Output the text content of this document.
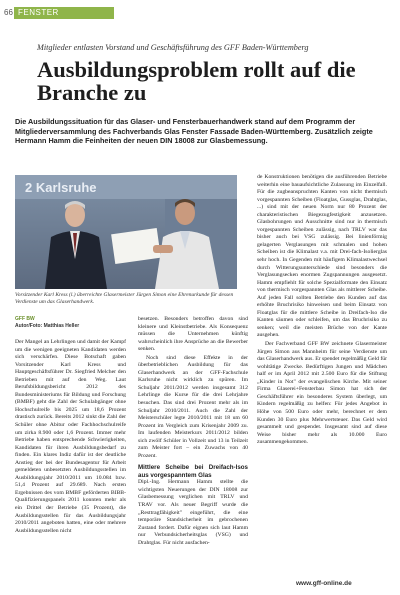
66 FENSTER
Mitglieder entlasten Vorstand und Geschäftsführung des GFF Baden-Württemberg
Ausbildungsproblem rollt auf die Branche zu
Die Ausbildungssituation für das Glaser- und Fensterbauerhandwerk stand auf dem Programm der Mitgliederversammlung des Fachverbands Glas Fenster Fassade Baden-Württemberg. Zusätzlich zeigte Hermann Hamm die Feinheiten der neuen DIN 18008 zur Glasbemessung.
2 Karlsruhe
Vorsitzender Karl Kress (l.) überreichte Glasermeister Jürgen Simon eine Ehrenurkunde für dessen Verdienste um das Glaserhandwerk.
GFF BW
Autor/Foto: Matthias Heller

Der Mangel an Lehrlingen und damit der Kampf um die wenigen geeigneten Kandidaten werden sich verschärfen. Diese Botschaft gaben Vorsitzender Karl Kress und Hauptgeschäftsführer Dr. Siegfried Melcher den Betrieben mit auf den Weg. Laut Berufsbildungsbericht 2012 des Bundesministeriums für Bildung und Forschung (BMBF) geht die Zahl der Schulabgänger ohne Hochschulreife bis 2025 um 18,6 Prozent drastisch zurück. Bereits 2012 sinkt die Zahl der Schüler ohne Abitur oder Fachhochschulreife um zirka 8.900 oder 1,6 Prozent. Immer mehr Betriebe haben entsprechende Schwierigkeiten, Kandidaten für ihren Ausbildungsbedarf zu finden. Ein klares Indiz dafür ist der deutliche Anstieg der bei der Bundesagentur für Arbeit gemeldeten unbesetzten Ausbildungsstellen im Ausbildungsjahr 2010/2011 um 10.084 bzw. 51,4 Prozent auf 29.689. Nach ersten Ergebnissen des vom BMBF geförderten BIBB-Qualifizierungspanels 2011 konnten mehr als ein Drittel der Betriebe (35 Prozent), die Ausbildungsstellen für das Ausbildungsjahr 2010/2011 angeboten hatten, eine oder mehrere Ausbildungsstellen nicht

besetzen. Besonders betroffen davon sind kleinere und Kleinstbetriebe. Als Konsequenz müssen die Unternehmen künftig wahrscheinlich ihre Ansprüche an die Bewerber senken.

Noch sind diese Effekte in der überbetrieblichen Ausbildung für das Glaserhandwerk an der GFF-Fachschule Karlsruhe nicht wirklich zu spüren. Im Schuljahr 2011/2012 werden insgesamt 312 Lehrlinge die Kurse für die drei Lehrjahre besuchen. Das sind drei Prozent mehr als im Schuljahr 2010/2011. Auch die Zahl der Meisterschüler legte 2010/2011 mit 18 um 60 Prozent im Vergleich zum Krisenjahr 2009 zu. Im laufenden Meisterkurs 2011/2012 bilden sich zwölf Schüler in Vollzeit und 13 in Teilzeit zum Meister fort – ein Zuwachs von 40 Prozent.

Mittlere Scheibe bei Dreifach-Isos aus vorgespanntem Glas

Dipl.-Ing. Hermann Hamm stellte die wichtigsten Neuerungen der DIN 18008 zur Glasbemessung verglichen mit TRLV und TRAV vor. Als neuer Begriff wurde die „Resttragfähigkeit" eingeführt, die eine temporäre Standsicherheit im gebrochenen Zustand fordert. Dafür eignen sich laut Hamm nur Verbundsicherheitsglas (VSG) und Drahtglas. Für nicht ausfachen-

de Konstruktionen benötigen die ausführenden Betriebe weiterhin eine bauaufsichtliche Zulassung im Einzelfall. Für die zugbeanspruchten Kanten von nicht thermisch vorgespannten Scheiben (Floatglas, Gussglas, Drahtglas, ...) sind mit der neuen Norm nur 80 Prozent der charakteristischen Biegezugfestigkeit anzusetzen. Glasbohrungen und Ausschnitte sind nur in thermisch vorgespannten Scheiben zulässig, nach TRLV war das bisher auch bei VSG zulässig. Bei linienförmig gelagerten Verglasungen mit schmalen und hohen Scheiben ist die Klimalast v.a. mit Drei-fach-Isolierglas sehr hoch. In Gegenden mit häufigem Klimalastwechsel durch Witterungsunterschiede sind besonders die Verglasungsecken enormen Zugspannungen ausgesetzt. Hamm empfiehlt für solche Spezialformate den Einsatz von thermisch vorgespannten Glas als mittlerer Scheibe. Auf jeden Fall sollten Betriebe den Kunden auf das erhöhte Bruchrisiko hinweisen und beim Einsatz von Floatglas für die mittlere Scheibe in Dreifach-Iso die Kanten säumen oder schleifen, um das Bruchrisiko zu senken; weil die meisten Brüche von der Kante ausgehen.

Der Fachverband GFF BW zeichnete Glasermeister Jürgen Simon aus Mannheim für seine Verdienste um das Glaserhandwerk aus. Er spendet regelmäßig Geld für wohltätige Zwecke. Bedürftigen Jungen und Mädchen half er im April 2012 mit 2.500 Euro für die Stiftung „Kinder in Not" der evangelischen Kirche. Mit seiner Firma Glaserei+Fensterbau Simon hat sich der Geschäftsführer ein besonderes System überlegt, um Kindern regelmäßig zu helfen: Für jedes Angebot in Höhe von 500 Euro oder mehr, berechnet er dem Kunden 30 Euro plus Mehrwertsteuer. Das Geld wird gesammelt und gespendet. Insgesamt sind auf diese Weise bisher mehr als 10.000 Euro zusammengekommen.

www.gff-online.de
